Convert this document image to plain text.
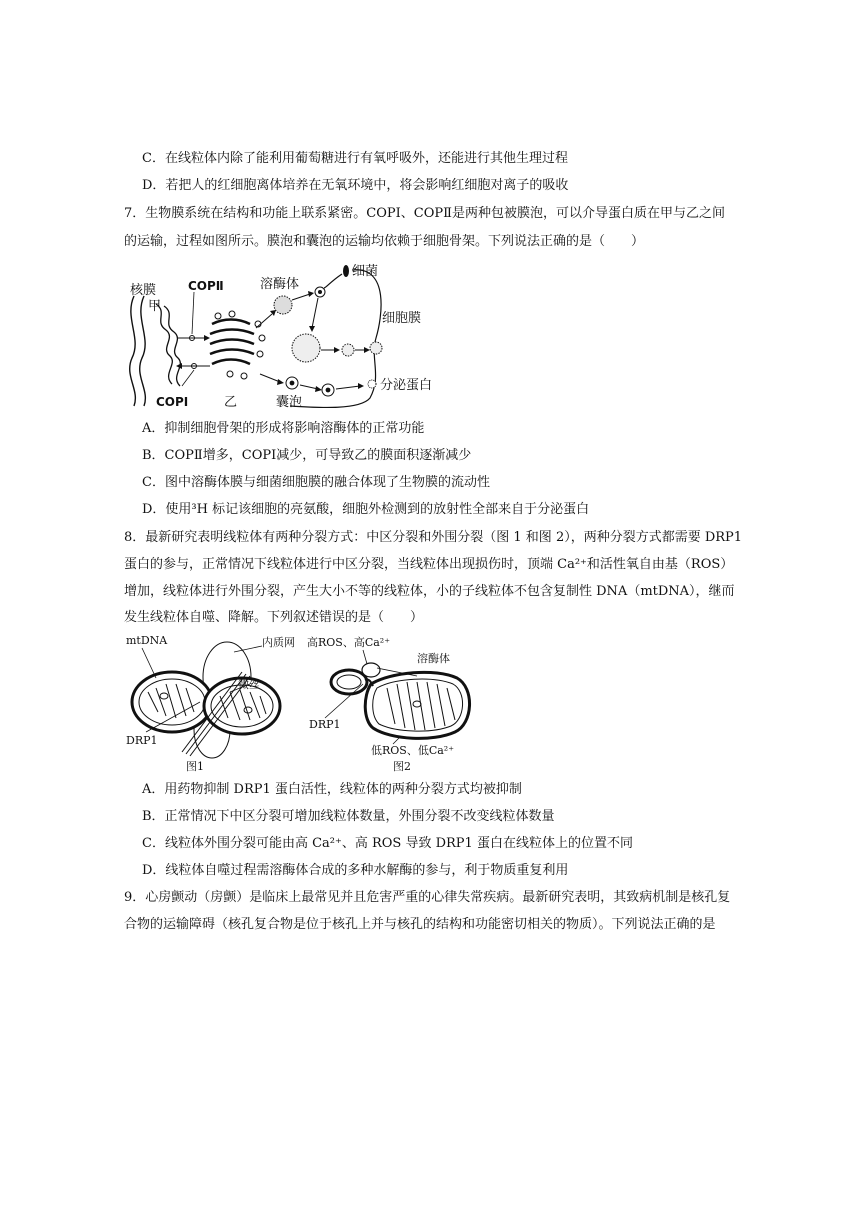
C．在线粒体内除了能利用葡萄糖进行有氧呼吸外，还能进行其他生理过程
D．若把人的红细胞离体培养在无氧环境中，将会影响红细胞对离子的吸收
7．生物膜系统在结构和功能上联系紧密。COPⅠ、COPⅡ是两种包被膜泡，可以介导蛋白质在甲与乙之间
的运输，过程如图所示。膜泡和囊泡的运输均依赖于细胞骨架。下列说法正确的是（　　）
核膜
甲
COPⅡ
COPⅠ	乙
溶酶体
细菌
细胞膜
囊泡
分泌蛋白
A．抑制细胞骨架的形成将影响溶酶体的正常功能
B．COPⅡ增多，COPⅠ减少，可导致乙的膜面积逐渐减少
C．图中溶酶体膜与细菌细胞膜的融合体现了生物膜的流动性
D．使用³H 标记该细胞的亮氨酸，细胞外检测到的放射性全部来自于分泌蛋白
8．最新研究表明线粒体有两种分裂方式：中区分裂和外围分裂（图 1 和图 2），两种分裂方式都需要 DRP1
蛋白的参与，正常情况下线粒体进行中区分裂，当线粒体出现损伤时，顶端 Ca²⁺和活性氧自由基（ROS）
增加，线粒体进行外围分裂，产生大小不等的线粒体，小的子线粒体不包含复制性 DNA（mtDNA），继而
发生线粒体自噬、降解。下列叙述错误的是（　　）
mtDNA	内质网
微丝
DRP1
图1
高ROS、高Ca²⁺
溶酶体
DRP1
低ROS、低Ca²⁺
图2
A．用药物抑制 DRP1 蛋白活性，线粒体的两种分裂方式均被抑制
B．正常情况下中区分裂可增加线粒体数量，外围分裂不改变线粒体数量
C．线粒体外围分裂可能由高 Ca²⁺、高 ROS 导致 DRP1 蛋白在线粒体上的位置不同
D．线粒体自噬过程需溶酶体合成的多种水解酶的参与，利于物质重复利用
9．心房颤动（房颤）是临床上最常见并且危害严重的心律失常疾病。最新研究表明，其致病机制是核孔复
合物的运输障碍（核孔复合物是位于核孔上并与核孔的结构和功能密切相关的物质）。下列说法正确的是
